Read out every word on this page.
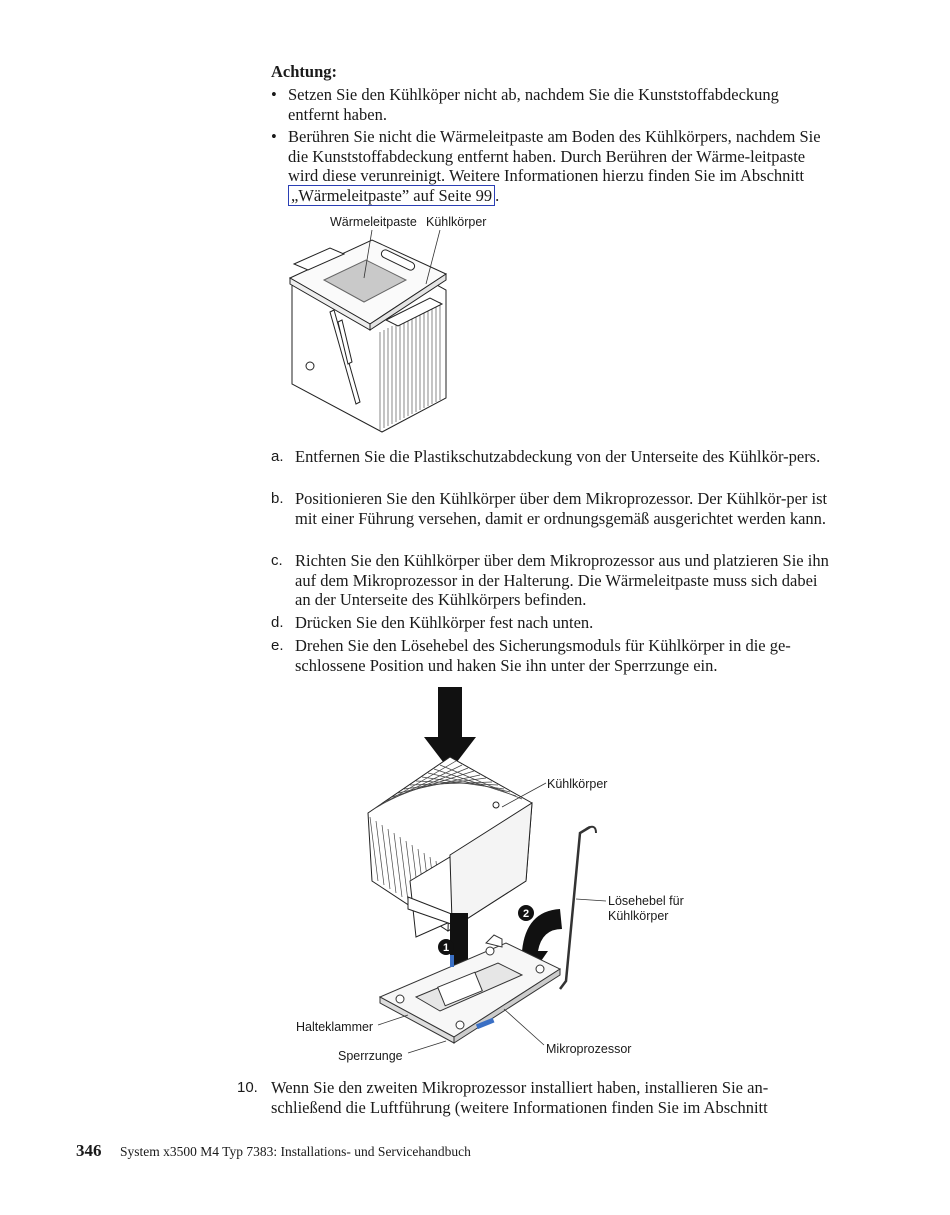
Achtung:
• Setzen Sie den Kühlköper nicht ab, nachdem Sie die Kunststoffabdeckung entfernt haben.
• Berühren Sie nicht die Wärmeleitpaste am Boden des Kühlkörpers, nachdem Sie die Kunststoffabdeckung entfernt haben. Durch Berühren der Wärme-leitpaste wird diese verunreinigt. Weitere Informationen hierzu finden Sie im Abschnitt „Wärmeleitpaste” auf Seite 99 .
Wärmeleitpaste Kühlkörper
a. Entfernen Sie die Plastikschutzabdeckung von der Unterseite des Kühlkör-pers.
b. Positionieren Sie den Kühlkörper über dem Mikroprozessor. Der Kühlkör-per ist mit einer Führung versehen, damit er ordnungsgemäß ausgerichtet werden kann.
c. Richten Sie den Kühlkörper über dem Mikroprozessor aus und platzieren Sie ihn auf dem Mikroprozessor in der Halterung. Die Wärmeleitpaste muss sich dabei an der Unterseite des Kühlkörpers befinden.
d. Drücken Sie den Kühlkörper fest nach unten.
e. Drehen Sie den Lösehebel des Sicherungsmoduls für Kühlkörper in die ge-schlossene Position und haken Sie ihn unter der Sperrzunge ein.
1
2
Kühlkörper
Lösehebel für
Kühlkörper
Halteklammer
Sperrzunge	Mikroprozessor
10. Wenn Sie den zweiten Mikroprozessor installiert haben, installieren Sie an-schließend die Luftführung (weitere Informationen finden Sie im Abschnitt
346 System x3500 M4 Typ 7383: Installations- und Servicehandbuch
